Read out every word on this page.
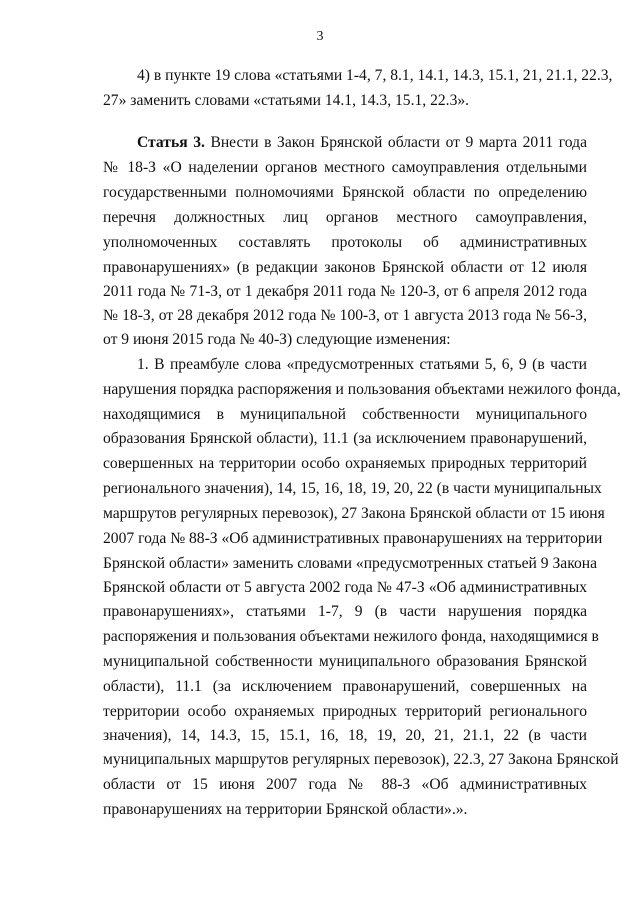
3
4) в пункте 19 слова «статьями 1-4, 7, 8.1, 14.1, 14.3, 15.1, 21, 21.1, 22.3,
27» заменить словами «статьями 14.1, 14.3, 15.1, 22.3».
Статья 3. Внести в Закон Брянской области от 9 марта 2011 года
№ 18-З «О наделении органов местного самоуправления отдельными
государственными полномочиями Брянской области по определению
перечня должностных лиц органов местного самоуправления,
уполномоченных составлять протоколы об административных
правонарушениях» (в редакции законов Брянской области от 12 июля
2011 года № 71-З, от 1 декабря 2011 года № 120-З, от 6 апреля 2012 года
№ 18-З, от 28 декабря 2012 года № 100-З, от 1 августа 2013 года № 56-З,
от 9 июня 2015 года № 40-З) следующие изменения:
1. В преамбуле слова «предусмотренных статьями 5, 6, 9 (в части
нарушения порядка распоряжения и пользования объектами нежилого фонда,
находящимися в муниципальной собственности муниципального
образования Брянской области), 11.1 (за исключением правонарушений,
совершенных на территории особо охраняемых природных территорий
регионального значения), 14, 15, 16, 18, 19, 20, 22 (в части муниципальных
маршрутов регулярных перевозок), 27 Закона Брянской области от 15 июня
2007 года № 88-З «Об административных правонарушениях на территории
Брянской области» заменить словами «предусмотренных статьей 9 Закона
Брянской области от 5 августа 2002 года № 47-З «Об административных
правонарушениях», статьями 1-7, 9 (в части нарушения порядка
распоряжения и пользования объектами нежилого фонда, находящимися в
муниципальной собственности муниципального образования Брянской
области), 11.1 (за исключением правонарушений, совершенных на
территории особо охраняемых природных территорий регионального
значения), 14, 14.3, 15, 15.1, 16, 18, 19, 20, 21, 21.1, 22 (в части
муниципальных маршрутов регулярных перевозок), 22.3, 27 Закона Брянской
области от 15 июня 2007 года № 88-З «Об административных
правонарушениях на территории Брянской области».».
